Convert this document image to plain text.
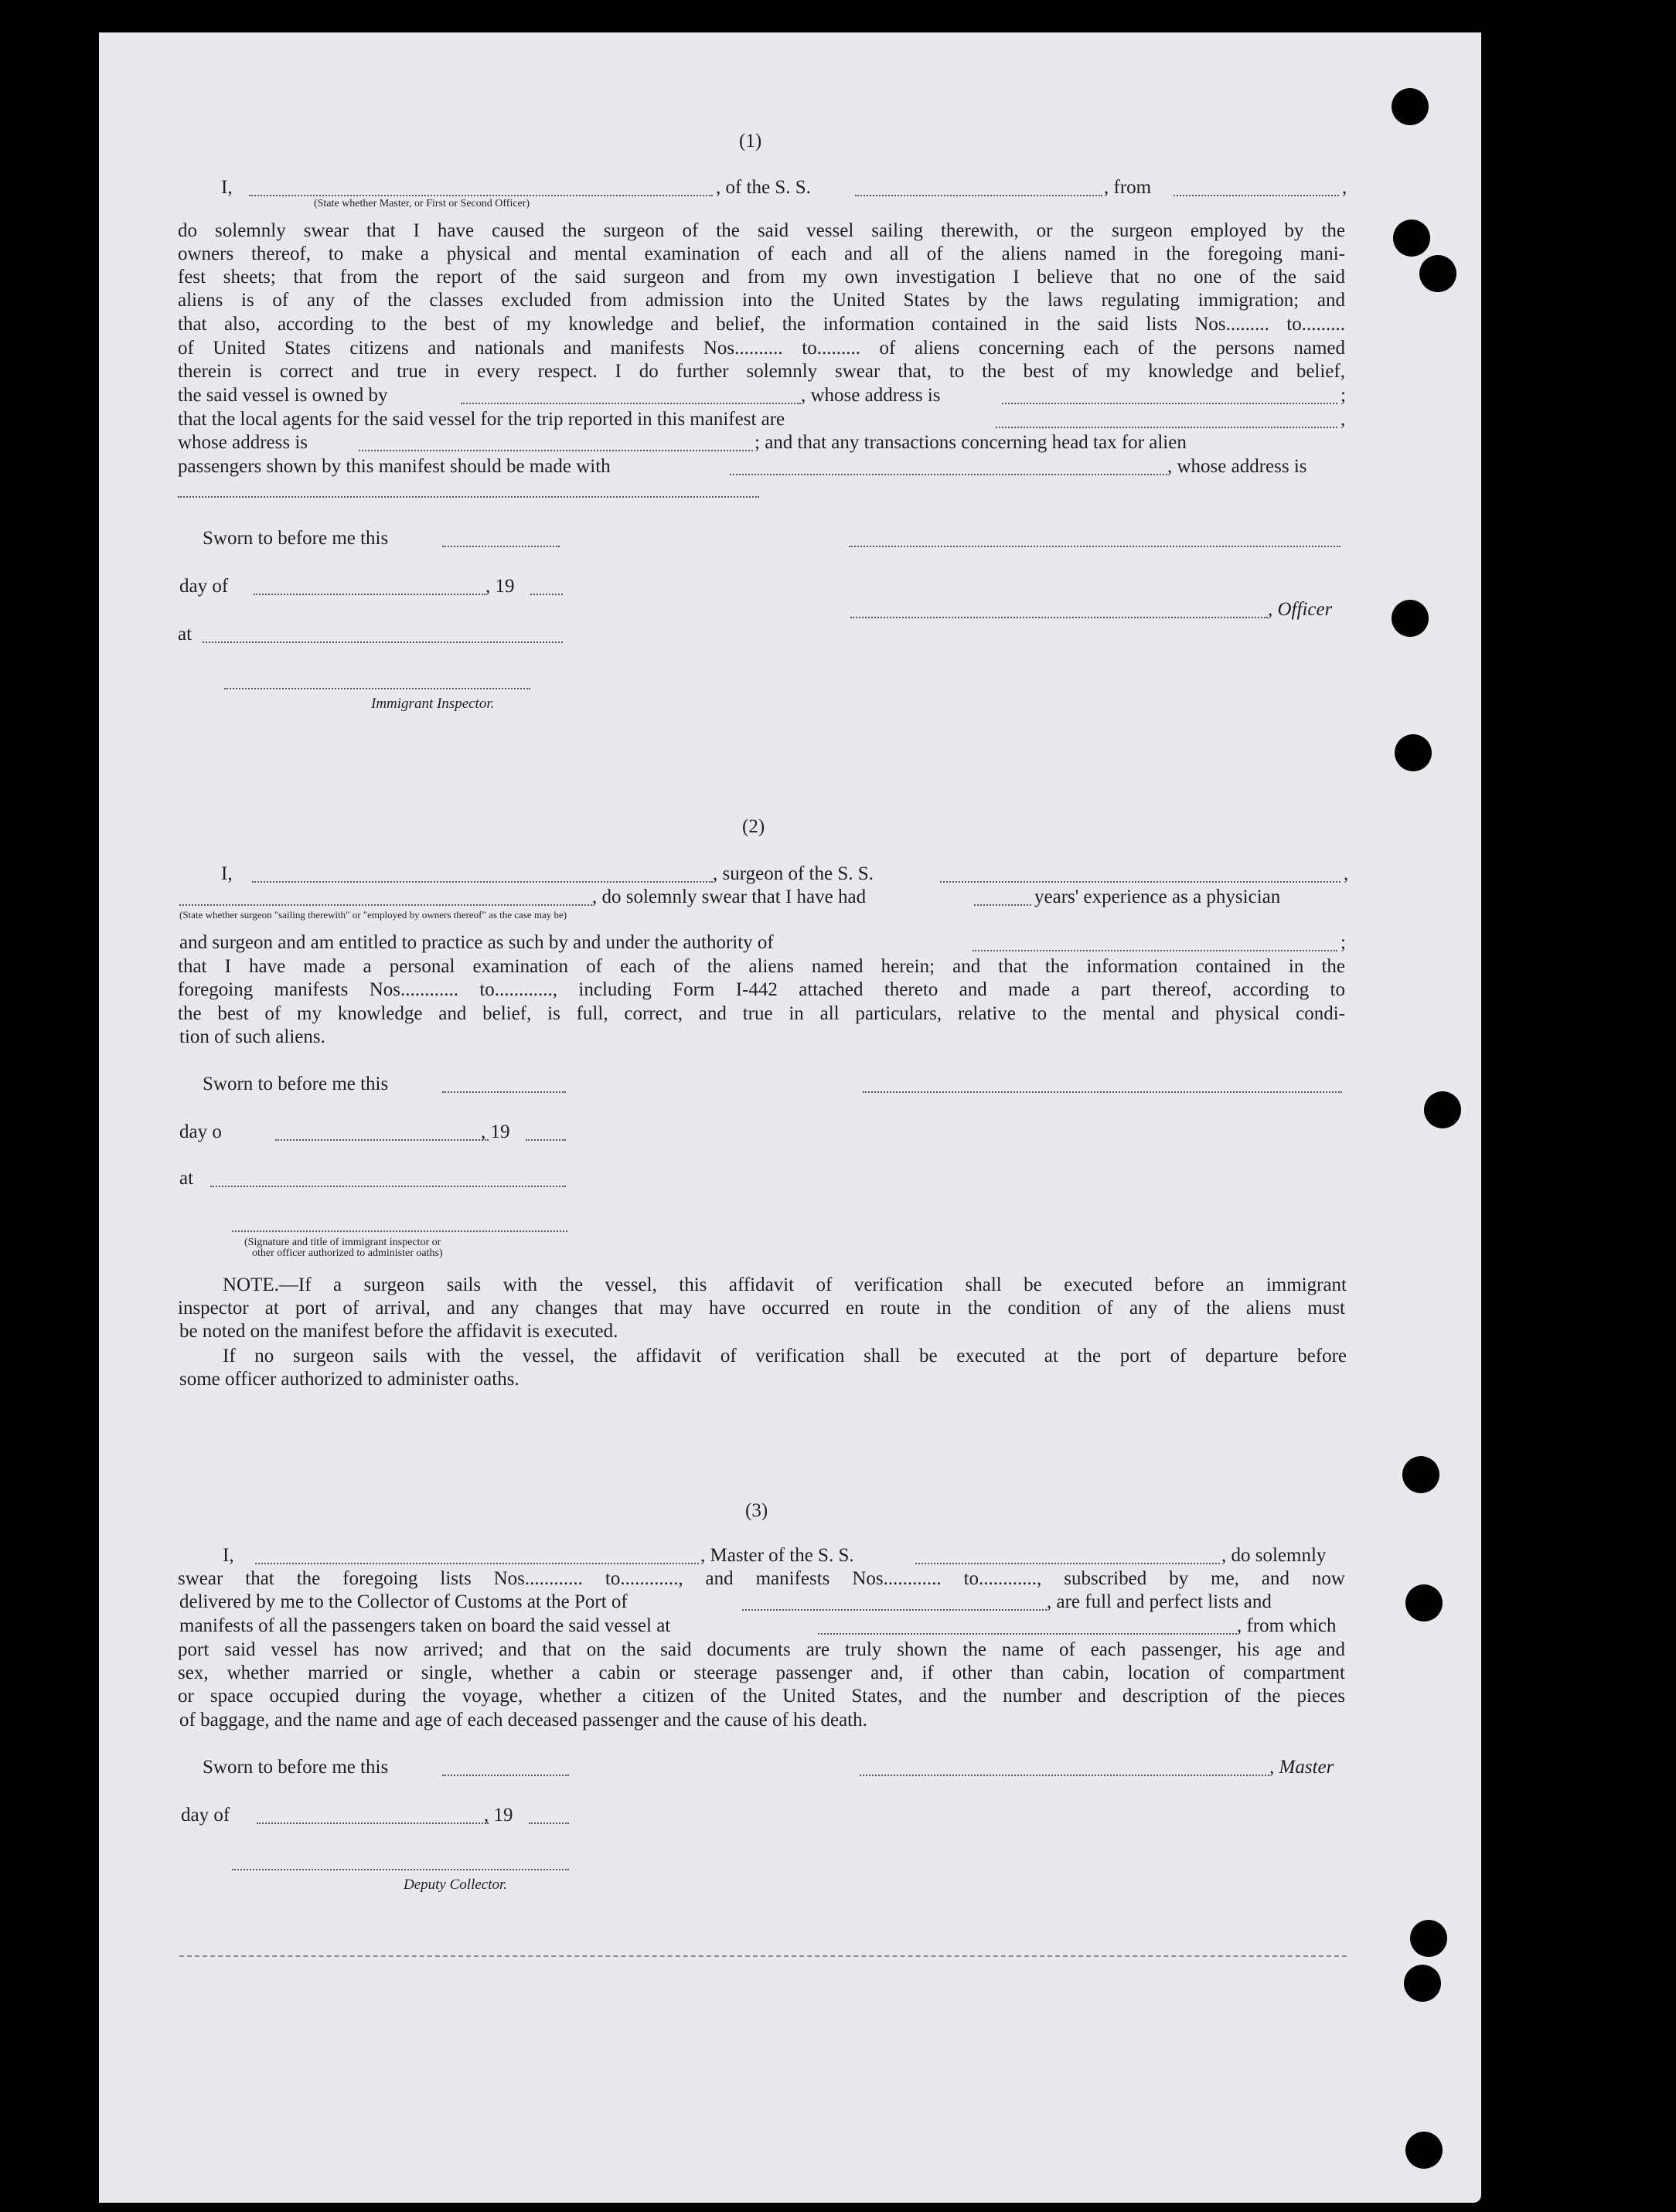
(1)
I,	, of the S. S.	, from	,
(State whether Master, or First or Second Officer)
do solemnly swear that I have caused the surgeon of the said vessel sailing therewith, or the surgeon employed by the
owners thereof, to make a physical and mental examination of each and all of the aliens named in the foregoing mani-
fest sheets; that from the report of the said surgeon and from my own investigation I believe that no one of the said
aliens is of any of the classes excluded from admission into the United States by the laws regulating immigration; and
that also, according to the best of my knowledge and belief, the information contained in the said lists Nos......... to.........
of United States citizens and nationals and manifests Nos.......... to......... of aliens concerning each of the persons named
therein is correct and true in every respect. I do further solemnly swear that, to the best of my knowledge and belief,
the said vessel is owned by	, whose address is	;
that the local agents for the said vessel for the trip reported in this manifest are	,
whose address is	; and that any transactions concerning head tax for alien
passengers shown by this manifest should be made with	, whose address is
Sworn to before me this
day of	, 19
, Officer
at
Immigrant Inspector.
(2)
I,	, surgeon of the S. S.	,
, do solemnly swear that I have had	years' experience as a physician
(State whether surgeon "sailing therewith" or "employed by owners thereof" as the case may be)
and surgeon and am entitled to practice as such by and under the authority of	;
that I have made a personal examination of each of the aliens named herein; and that the information contained in the
foregoing manifests Nos............ to............, including Form I-442 attached thereto and made a part thereof, according to
the best of my knowledge and belief, is full, correct, and true in all particulars, relative to the mental and physical condi-
tion of such aliens.
Sworn to before me this
day o	, 19
at
(Signature and title of immigrant inspector or
other officer authorized to administer oaths)
NOTE.—If a surgeon sails with the vessel, this affidavit of verification shall be executed before an immigrant
inspector at port of arrival, and any changes that may have occurred en route in the condition of any of the aliens must
be noted on the manifest before the affidavit is executed.
If no surgeon sails with the vessel, the affidavit of verification shall be executed at the port of departure before
some officer authorized to administer oaths.
(3)
I,	, Master of the S. S.	, do solemnly
swear that the foregoing lists Nos............ to............, and manifests Nos............ to............, subscribed by me, and now
delivered by me to the Collector of Customs at the Port of	, are full and perfect lists and
manifests of all the passengers taken on board the said vessel at	, from which
port said vessel has now arrived; and that on the said documents are truly shown the name of each passenger, his age and
sex, whether married or single, whether a cabin or steerage passenger and, if other than cabin, location of compartment
or space occupied during the voyage, whether a citizen of the United States, and the number and description of the pieces
of baggage, and the name and age of each deceased passenger and the cause of his death.
Sworn to before me this	, Master
day of	, 19
Deputy Collector.
